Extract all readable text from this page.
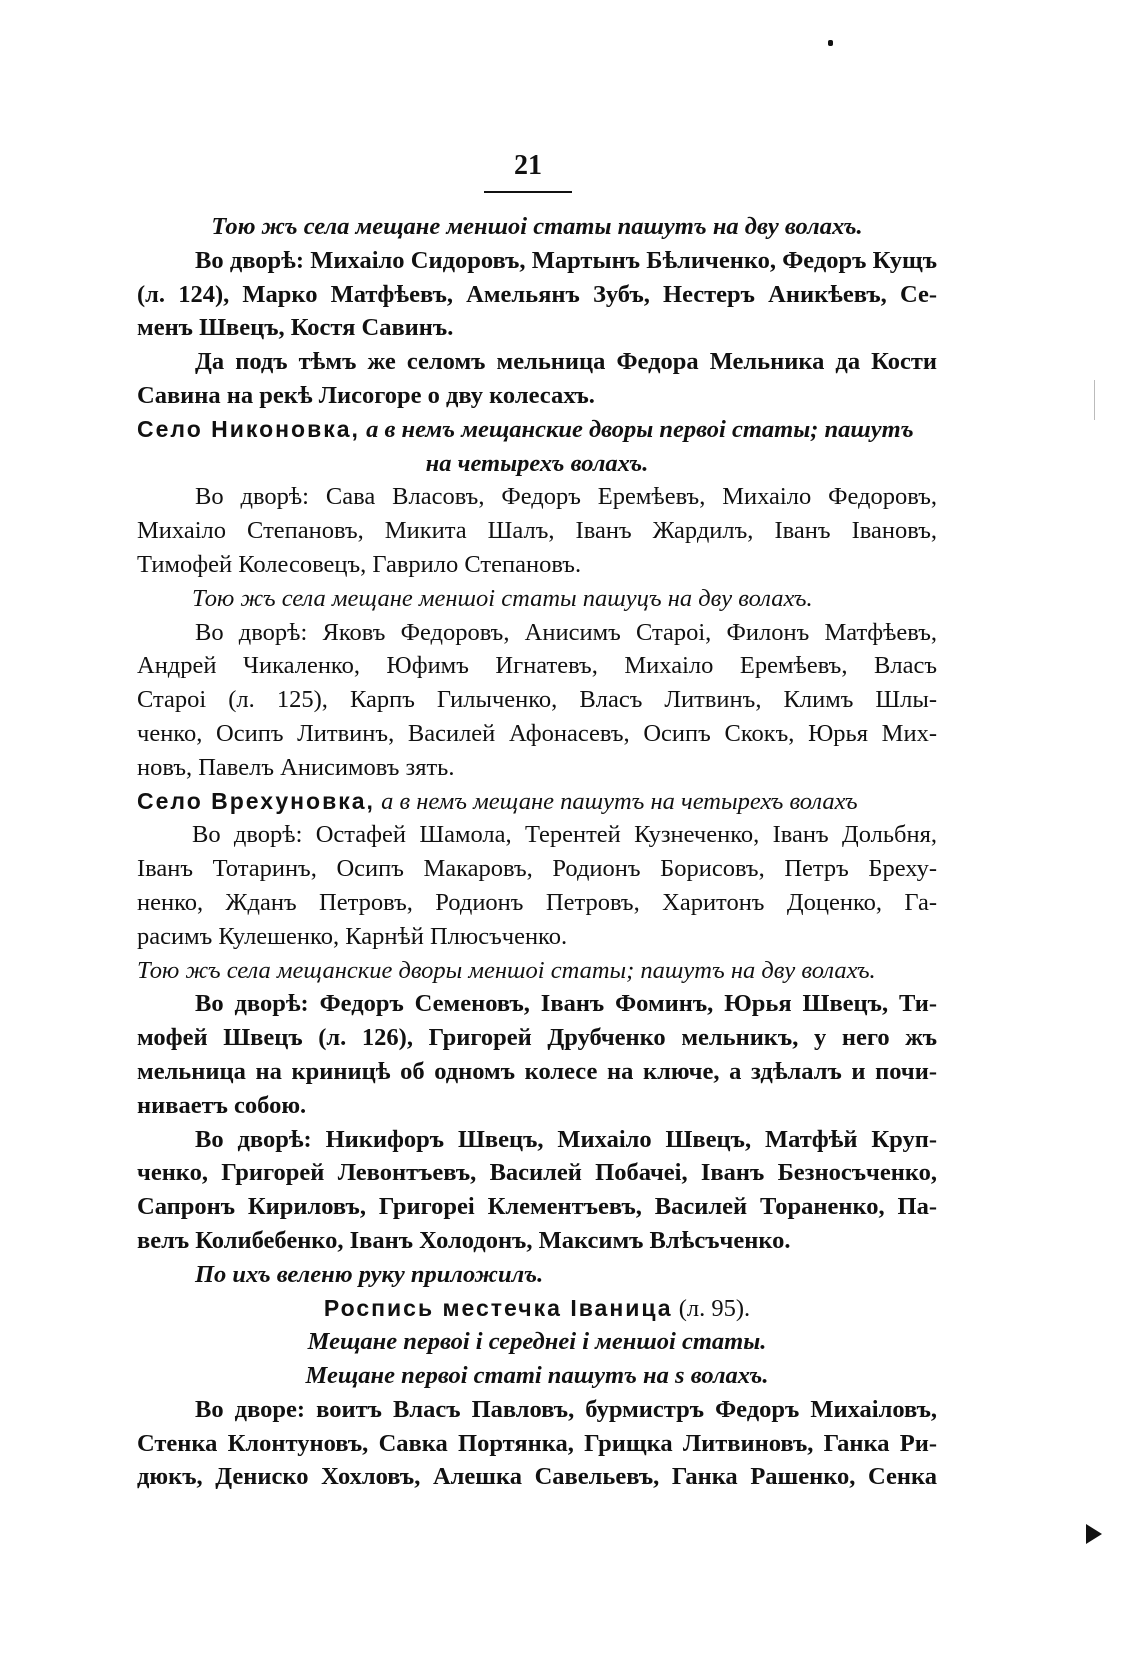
21
Тою жъ села мещане меншоі статы пашутъ на дву волахъ.
Во дворѣ: Михаіло Сидоровъ, Мартынъ Бѣличенко, Федоръ Кущъ
(л. 124), Марко Матфѣевъ, Амельянъ Зубъ, Нестеръ Аникѣевъ, Се-
менъ Швецъ, Костя Савинъ.
Да подъ тѣмъ же селомъ мельница Федора Мельника да Кости
Савина на рекѣ Лисогоре о дву колесахъ.
Село Никоновка, а в немъ мещанские дворы первоі статы; пашутъ
на четырехъ волахъ.
Во дворѣ: Сава Власовъ, Федоръ Еремѣевъ, Михаіло Федоровъ,
Михаіло Степановъ, Микита Шалъ, Іванъ Жардилъ, Іванъ Івановъ,
Тимофей Колесовецъ, Гаврило Степановъ.
Тою жъ села мещане меншоі статы пашуцъ на дву волахъ.
Во дворѣ: Яковъ Федоровъ, Анисимъ Староі, Филонъ Матфѣевъ,
Андрей Чикаленко, Юфимъ Игнатевъ, Михаіло Еремѣевъ, Власъ
Староі (л. 125), Карпъ Гилыченко, Власъ Литвинъ, Климъ Шлы-
ченко, Осипъ Литвинъ, Василей Афонасевъ, Осипъ Скокъ, Юрья Мих-
новъ, Павелъ Анисимовъ зять.
Село Врехуновка, а в немъ мещане пашутъ на четырехъ волахъ
Во дворѣ: Остафей Шамола, Терентей Кузнеченко, Іванъ Дольбня,
Іванъ Тотаринъ, Осипъ Макаровъ, Родионъ Борисовъ, Петръ Бреху-
ненко, Жданъ Петровъ, Родионъ Петровъ, Харитонъ Доценко, Га-
расимъ Кулешенко, Карнѣй Плюсъченко.
Тою жъ села мещанские дворы меншоі статы; пашутъ на дву волахъ.
Во дворѣ: Федоръ Семеновъ, Іванъ Фоминъ, Юрья Швецъ, Ти-
мофей Швецъ (л. 126), Григорей Друбченко мельникъ, у него жъ
мельница на криницѣ об одномъ колесе на ключе, а здѣлалъ и почи-
ниваетъ собою.
Во дворѣ: Никифоръ Швецъ, Михаіло Швецъ, Матфѣй Круп-
ченко, Григорей Левонтъевъ, Василей Побачеі, Іванъ Безносъченко,
Сапронъ Кириловъ, Григореі Клементъевъ, Василей Тораненко, Па-
велъ Колибебенко, Іванъ Холодонъ, Максимъ Влѣсъченко.
По ихъ веленю руку приложилъ.
Роспись местечка Іваница (л. 95).
Мещане первоі і середнеі і меншоі статы.
Мещане первоі статі пашутъ на ѕ волахъ.
Во дворе: воитъ Власъ Павловъ, бурмистръ Федоръ Михаіловъ,
Стенка Клонтуновъ, Савка Портянка, Грищка Литвиновъ, Ганка Ри-
дюкъ, Дениско Хохловъ, Алешка Савельевъ, Ганка Рашенко, Сенка
